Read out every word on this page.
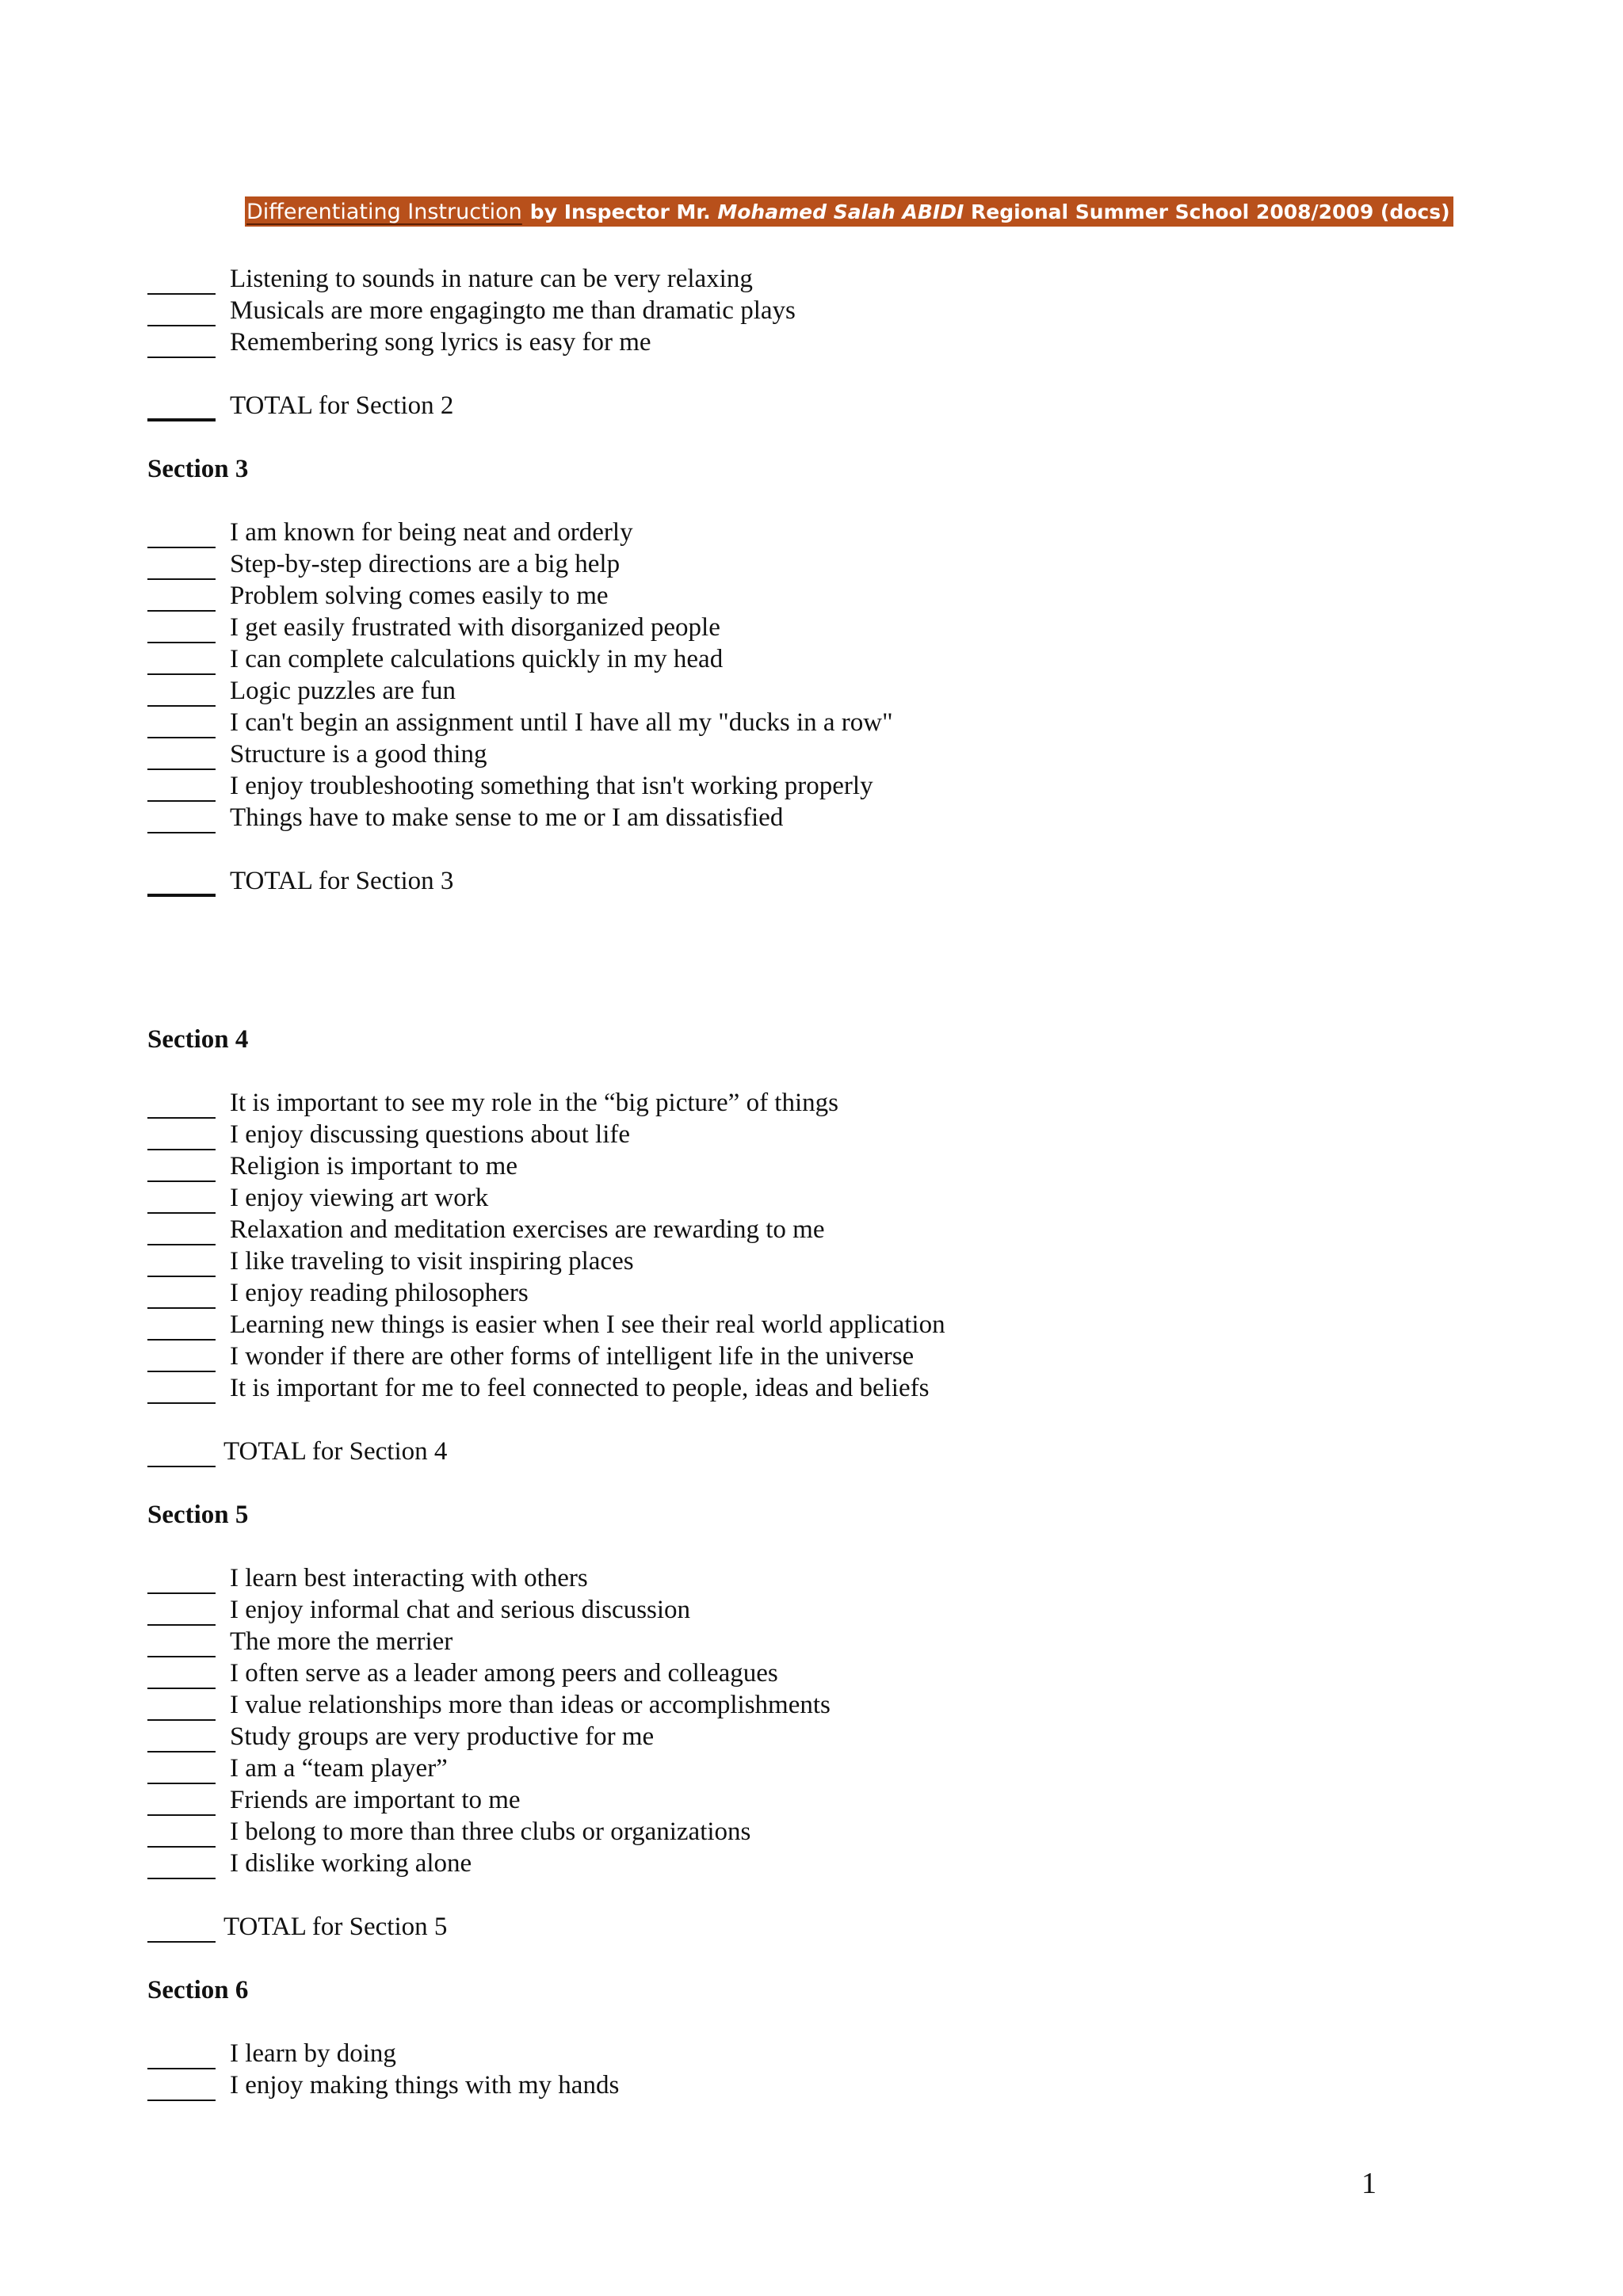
Differentiating Instruction by Inspector Mr. Mohamed Salah ABIDI Regional Summer School 2008/2009 (docs)
Listening to sounds in nature can be very relaxing
Musicals are more engagingto me than dramatic plays
Remembering song lyrics is easy for me
TOTAL for Section 2
Section 3
I am known for being neat and orderly
Step-by-step directions are a big help
Problem solving comes easily to me
I get easily frustrated with disorganized people
I can complete calculations quickly in my head
Logic puzzles are fun
I can't begin an assignment until I have all my "ducks in a row"
Structure is a good thing
I enjoy troubleshooting something that isn't working properly
Things have to make sense to me or I am dissatisfied
TOTAL for Section 3
Section 4
It is important to see my role in the “big picture” of things
I enjoy discussing questions about life
Religion is important to me
I enjoy viewing art work
Relaxation and meditation exercises are rewarding to me
I like traveling to visit inspiring places
I enjoy reading philosophers
Learning new things is easier when I see their real world application
I wonder if there are other forms of intelligent life in the universe
It is important for me to feel connected to people, ideas and beliefs
TOTAL for Section 4
Section 5
I learn best interacting with others
I enjoy informal chat and serious discussion
The more the merrier
I often serve as a leader among peers and colleagues
I value relationships more than ideas or accomplishments
Study groups are very productive for me
I am a “team player”
Friends are important to me
I belong to more than three clubs or organizations
I dislike working alone
TOTAL for Section 5
Section 6
I learn by doing
I enjoy making things with my hands
1
